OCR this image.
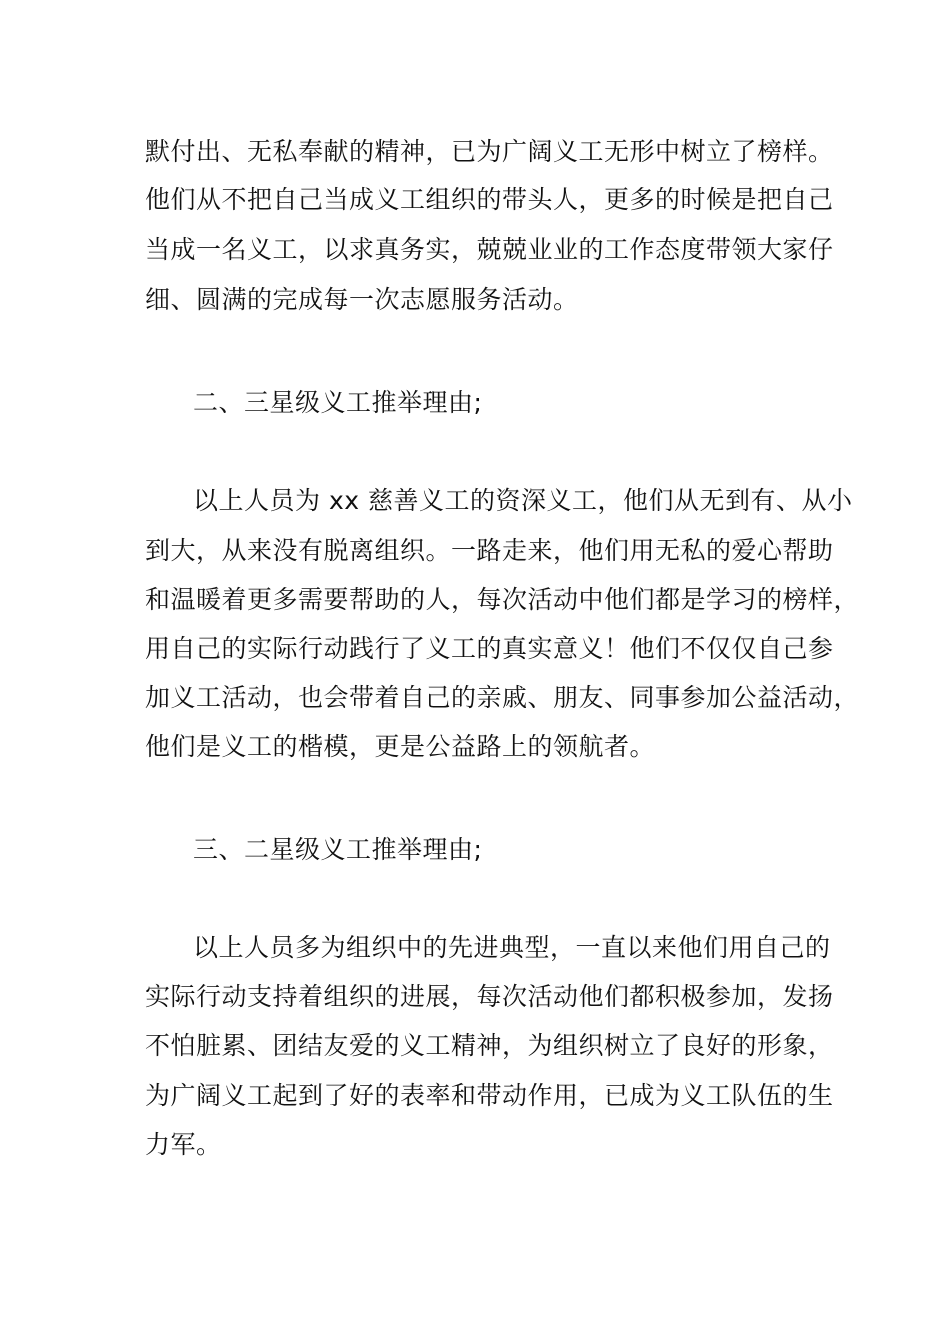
默付出、无私奉献的精神，已为广阔义工无形中树立了榜样。
他们从不把自己当成义工组织的带头人，更多的时候是把自己
当成一名义工，以求真务实，兢兢业业的工作态度带领大家仔
细、圆满的完成每一次志愿服务活动。
二、三星级义工推举理由;
以上人员为 xx 慈善义工的资深义工，他们从无到有、从小
到大，从来没有脱离组织。一路走来，他们用无私的爱心帮助
和温暖着更多需要帮助的人，每次活动中他们都是学习的榜样，
用自己的实际行动践行了义工的真实意义！他们不仅仅自己参
加义工活动，也会带着自己的亲戚、朋友、同事参加公益活动，
他们是义工的楷模，更是公益路上的领航者。
三、二星级义工推举理由;
以上人员多为组织中的先进典型，一直以来他们用自己的
实际行动支持着组织的进展，每次活动他们都积极参加，发扬
不怕脏累、团结友爱的义工精神，为组织树立了良好的形象，
为广阔义工起到了好的表率和带动作用，已成为义工队伍的生
力军。
